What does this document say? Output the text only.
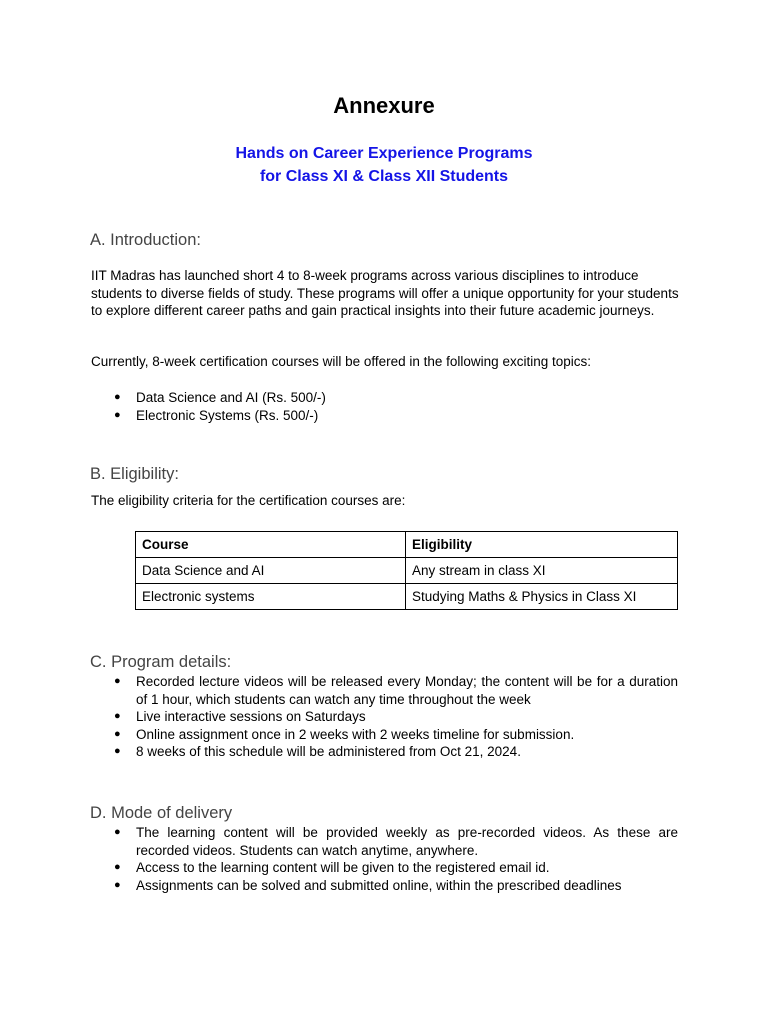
Annexure
Hands on Career Experience Programs
for Class XI & Class XII Students
A. Introduction:

IIT Madras has launched short 4 to 8-week programs across various disciplines to introduce students to diverse fields of study. These programs will offer a unique opportunity for your students to explore different career paths and gain practical insights into their future academic journeys.

Currently, 8-week certification courses will be offered in the following exciting topics:

● Data Science and AI (Rs. 500/-)
● Electronic Systems (Rs. 500/-)
B. Eligibility:

The eligibility criteria for the certification courses are:

Course	Eligibility
Data Science and AI	Any stream in class XI
Electronic systems	Studying Maths & Physics in Class XI
C. Program details:
● Recorded lecture videos will be released every Monday; the content will be for a duration of 1 hour, which students can watch any time throughout the week
● Live interactive sessions on Saturdays
● Online assignment once in 2 weeks with 2 weeks timeline for submission.
● 8 weeks of this schedule will be administered from Oct 21, 2024.
D. Mode of delivery
● The learning content will be provided weekly as pre-recorded videos. As these are recorded videos. Students can watch anytime, anywhere.
● Access to the learning content will be given to the registered email id.
● Assignments can be solved and submitted online, within the prescribed deadlines
